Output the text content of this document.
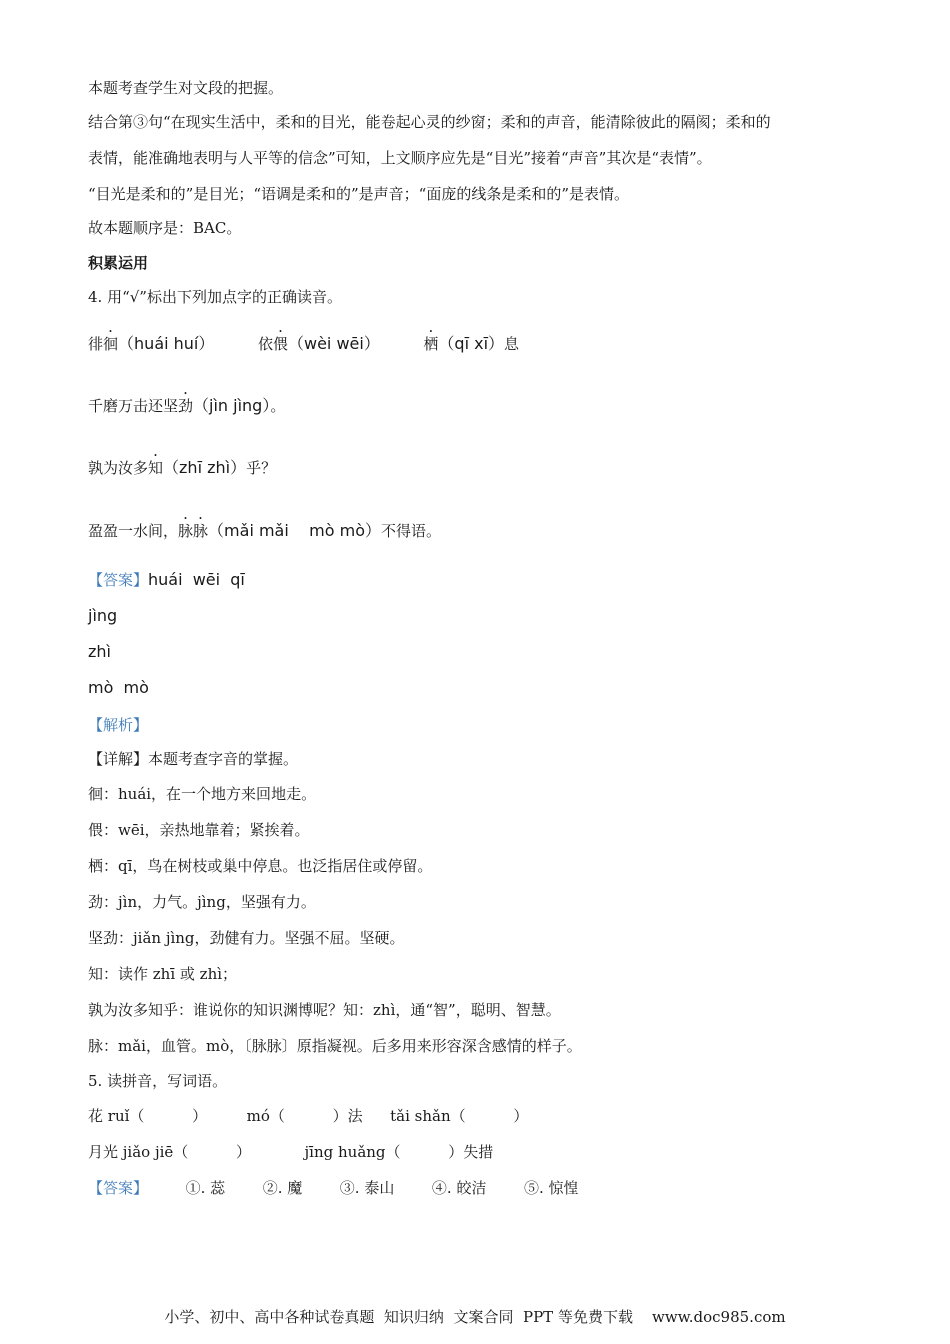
本题考查学生对文段的把握。
结合第③句“在现实生活中，柔和的目光，能卷起心灵的纱窗；柔和的声音，能清除彼此的隔阂；柔和的
表情，能准确地表明与人平等的信念”可知，上文顺序应先是“目光”接着“声音”其次是“表情”。
“目光是柔和的”是目光；“语调是柔和的”是声音；“面庞的线条是柔和的”是表情。
故本题顺序是：BAC。
积累运用
4. 用“√”标出下列加点字的正确读音。
徘徊（huái huí）	依偎（wèi wēi）	栖（qī xī）息
千磨万击还坚劲（jìn jìng）。
孰为汝多知（zhī zhì）乎？
盈盈一水间，脉脉（mǎi mǎi    mò mò）不得语。
【答案】huái  wēi  qī
jìng
zhì
mò  mò
【解析】
【详解】本题考查字音的掌握。
徊：huái，在一个地方来回地走。
偎：wēi，亲热地靠着；紧挨着。
栖：qī，鸟在树枝或巢中停息。也泛指居住或停留。
劲：jìn，力气。jìng，坚强有力。
坚劲：jiǎn jìng，劲健有力。坚强不屈。坚硬。
知：读作 zhī 或 zhì；
孰为汝多知乎：谁说你的知识渊博呢？知：zhì，通“智”，聪明、智慧。
脉：mǎi，血管。mò，〔脉脉〕原指凝视。后多用来形容深含感情的样子。
5. 读拼音，写词语。
花 ruǐ（          ）	mó（          ）法 tǎi shǎn（          ）
月光 jiǎo jiē（          ）	jīng huǎng（          ）失措
【答案】	①. 蕊	②. 魔	③. 泰山	④. 皎洁	⑤. 惊惶
小学、初中、高中各种试卷真题  知识归纳  文案合同  PPT 等免费下载    www.doc985.com
